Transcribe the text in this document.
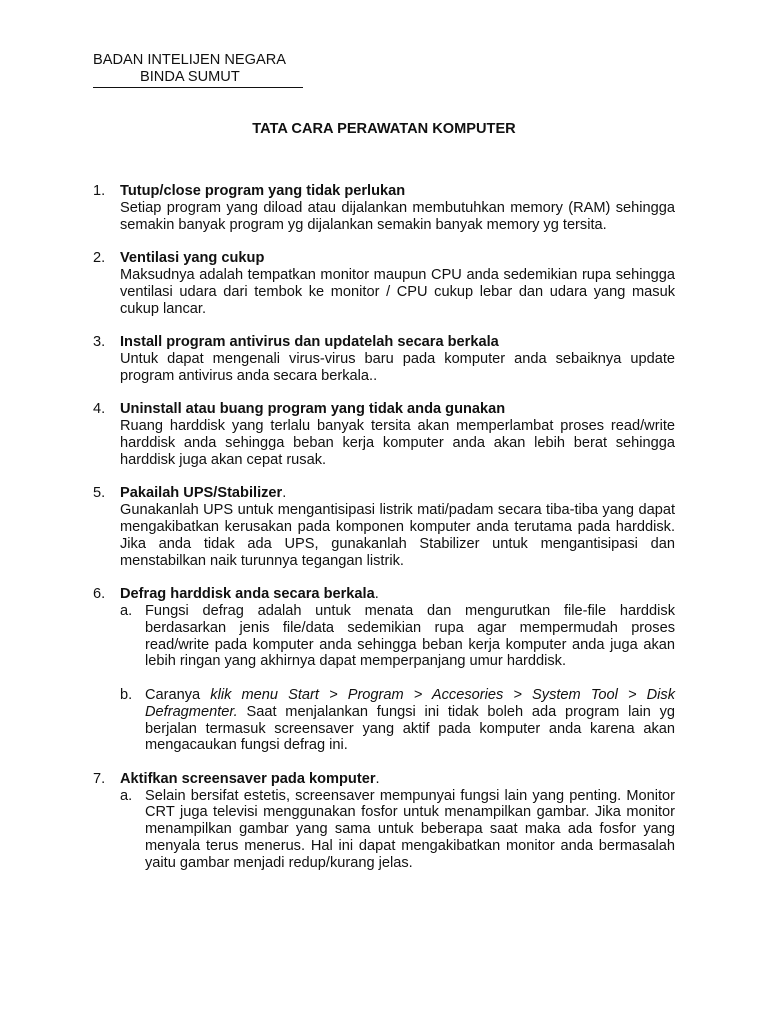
BADAN INTELIJEN NEGARA
BINDA SUMUT
TATA CARA PERAWATAN KOMPUTER
1. Tutup/close program yang tidak perlukan
Setiap program yang diload atau dijalankan membutuhkan memory (RAM) sehingga semakin banyak program yg dijalankan semakin banyak memory yg tersita.
2. Ventilasi yang cukup
Maksudnya adalah tempatkan monitor maupun CPU anda sedemikian rupa sehingga ventilasi udara dari tembok ke monitor / CPU cukup lebar dan udara yang masuk cukup lancar.
3. Install program antivirus dan updatelah secara berkala
Untuk dapat mengenali virus-virus baru pada komputer anda sebaiknya update program antivirus anda secara berkala..
4. Uninstall atau buang program yang tidak anda gunakan
Ruang harddisk yang terlalu banyak tersita akan memperlambat proses read/write harddisk anda sehingga beban kerja komputer anda akan lebih berat sehingga harddisk juga akan cepat rusak.
5. Pakailah UPS/Stabilizer.
Gunakanlah UPS untuk mengantisipasi listrik mati/padam secara tiba-tiba yang dapat mengakibatkan kerusakan pada komponen komputer anda terutama pada harddisk. Jika anda tidak ada UPS, gunakanlah Stabilizer untuk mengantisipasi dan menstabilkan naik turunnya tegangan listrik.
6. Defrag harddisk anda secara berkala.
a. Fungsi defrag adalah untuk menata dan mengurutkan file-file harddisk berdasarkan jenis file/data sedemikian rupa agar mempermudah proses read/write pada komputer anda sehingga beban kerja komputer anda juga akan lebih ringan yang akhirnya dapat memperpanjang umur harddisk.
b. Caranya klik menu Start > Program > Accesories > System Tool > Disk Defragmenter. Saat menjalankan fungsi ini tidak boleh ada program lain yg berjalan termasuk screensaver yang aktif pada komputer anda karena akan mengacaukan fungsi defrag ini.
7. Aktifkan screensaver pada komputer.
a. Selain bersifat estetis, screensaver mempunyai fungsi lain yang penting. Monitor CRT juga televisi menggunakan fosfor untuk menampilkan gambar. Jika monitor menampilkan gambar yang sama untuk beberapa saat maka ada fosfor yang menyala terus menerus. Hal ini dapat mengakibatkan monitor anda bermasalah yaitu gambar menjadi redup/kurang jelas.
